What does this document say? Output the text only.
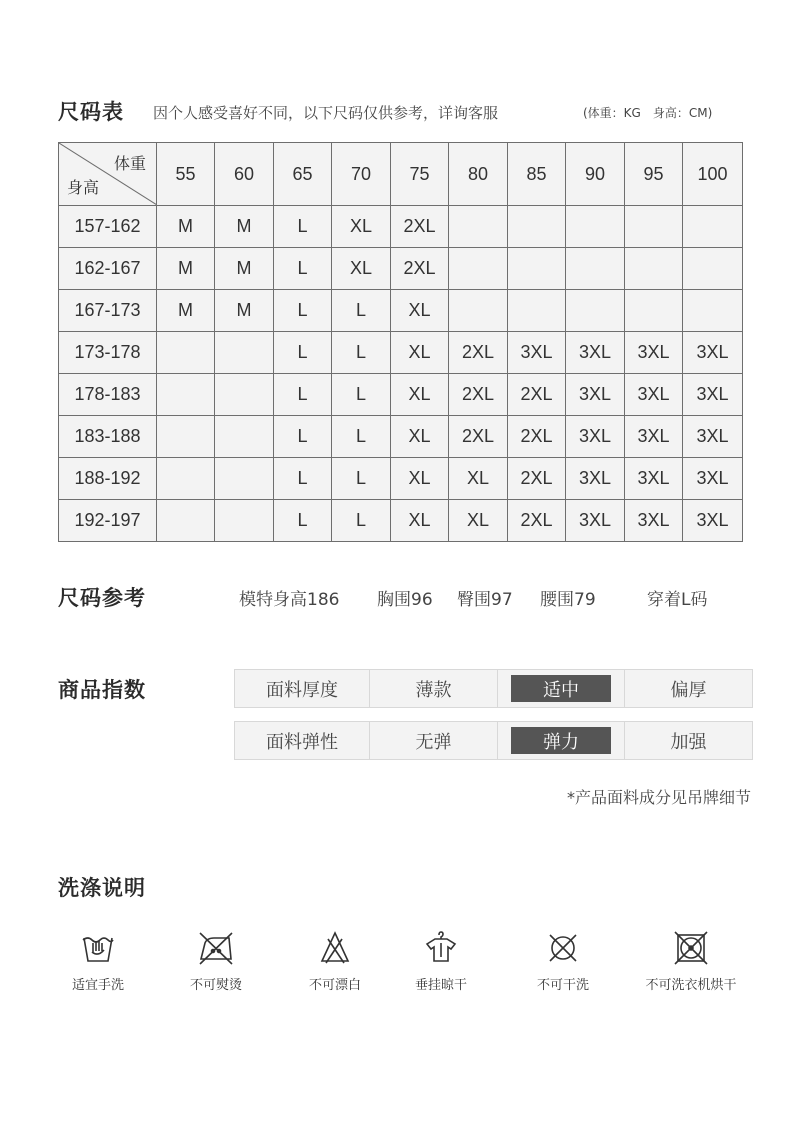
尺码表 因个人感受喜好不同，以下尺码仅供参考，详询客服	(体重：KG　身高：CM)
体重
身高	55	60	65	70	75	80	85	90	95	100
157-162	M	M	L	XL	2XL					
162-167	M	M	L	XL	2XL					
167-173	M	M	L	L	XL					
173-178			L	L	XL	2XL	3XL	3XL	3XL	3XL
178-183			L	L	XL	2XL	2XL	3XL	3XL	3XL
183-188			L	L	XL	2XL	2XL	3XL	3XL	3XL
188-192			L	L	XL	XL	2XL	3XL	3XL	3XL
192-197			L	L	XL	XL	2XL	3XL	3XL	3XL
尺码参考	模特身高186 胸围96 臀围97 腰围79	穿着L码
商品指数	面料厚度	薄款	适中	偏厚
面料弹性	无弹	弹力	加强
*产品面料成分见吊牌细节
洗涤说明
适宜手洗	不可熨烫	不可漂白	垂挂晾干	不可干洗	不可洗衣机烘干
